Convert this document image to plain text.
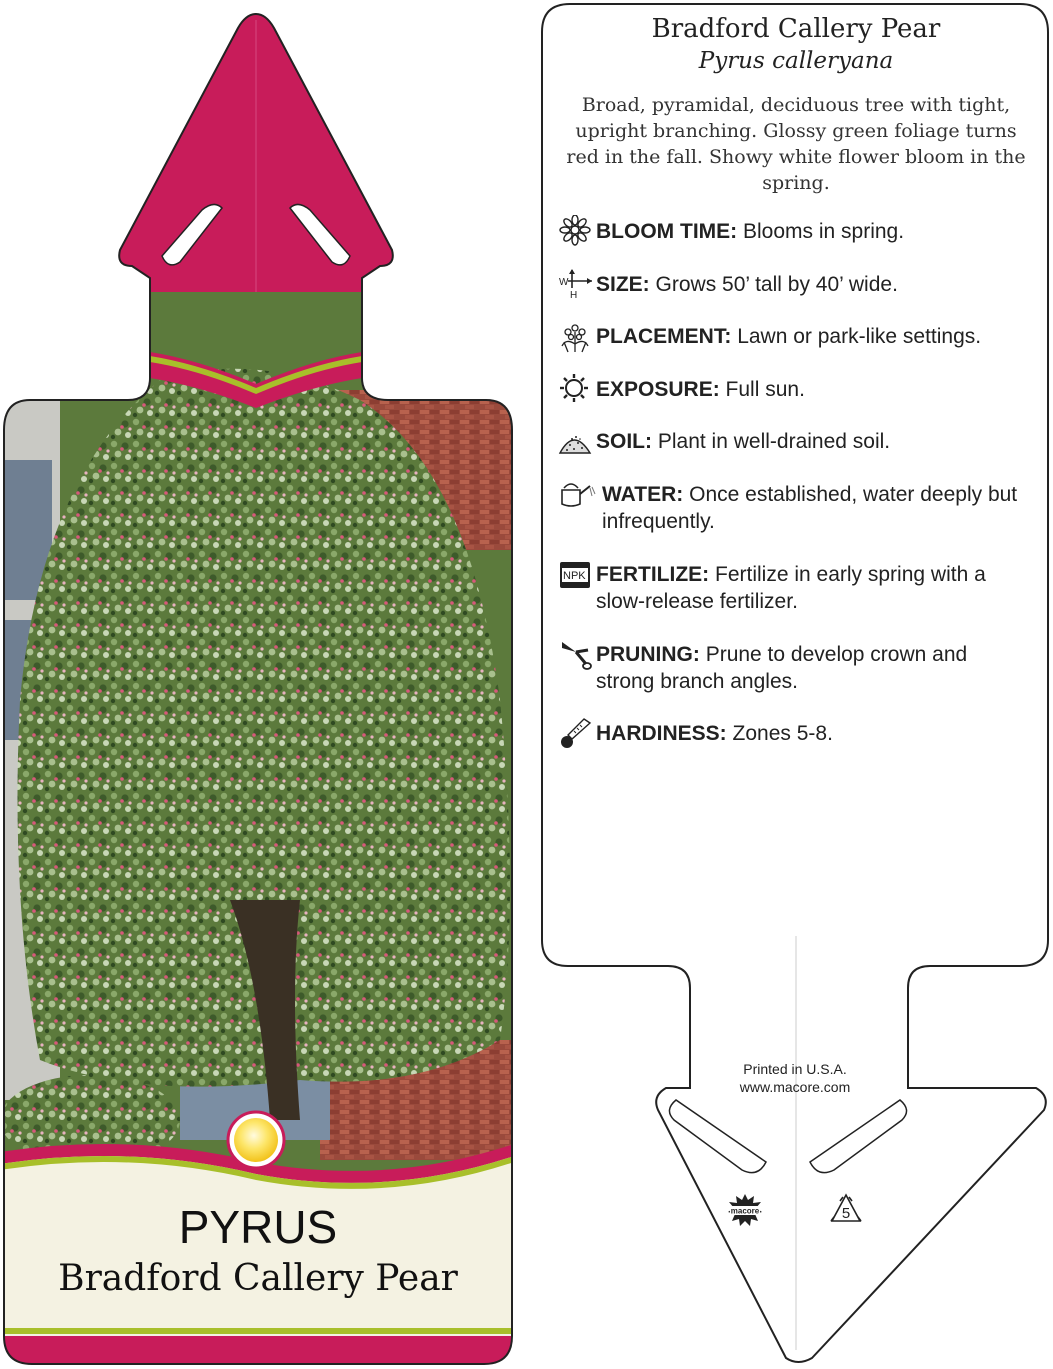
PYRUS
Bradford Callery Pear
Bradford Callery Pear
Pyrus calleryana
Broad, pyramidal, deciduous tree with tight, upright branching. Glossy green foliage turns red in the fall. Showy white flower bloom in the spring.
BLOOM TIME: Blooms in spring.
W
H SIZE: Grows 50’ tall by 40’ wide.
PLACEMENT: Lawn or park-like settings.
EXPOSURE: Full sun.
SOIL: Plant in well-drained soil.
WATER: Once established, water deeply but infrequently.
NPK FERTILIZE: Fertilize in early spring with a slow-release fertilizer.
PRUNING: Prune to develop crown and strong branch angles.
HARDINESS: Zones 5-8.
Printed in U.S.A.
www.macore.com
macore	5
